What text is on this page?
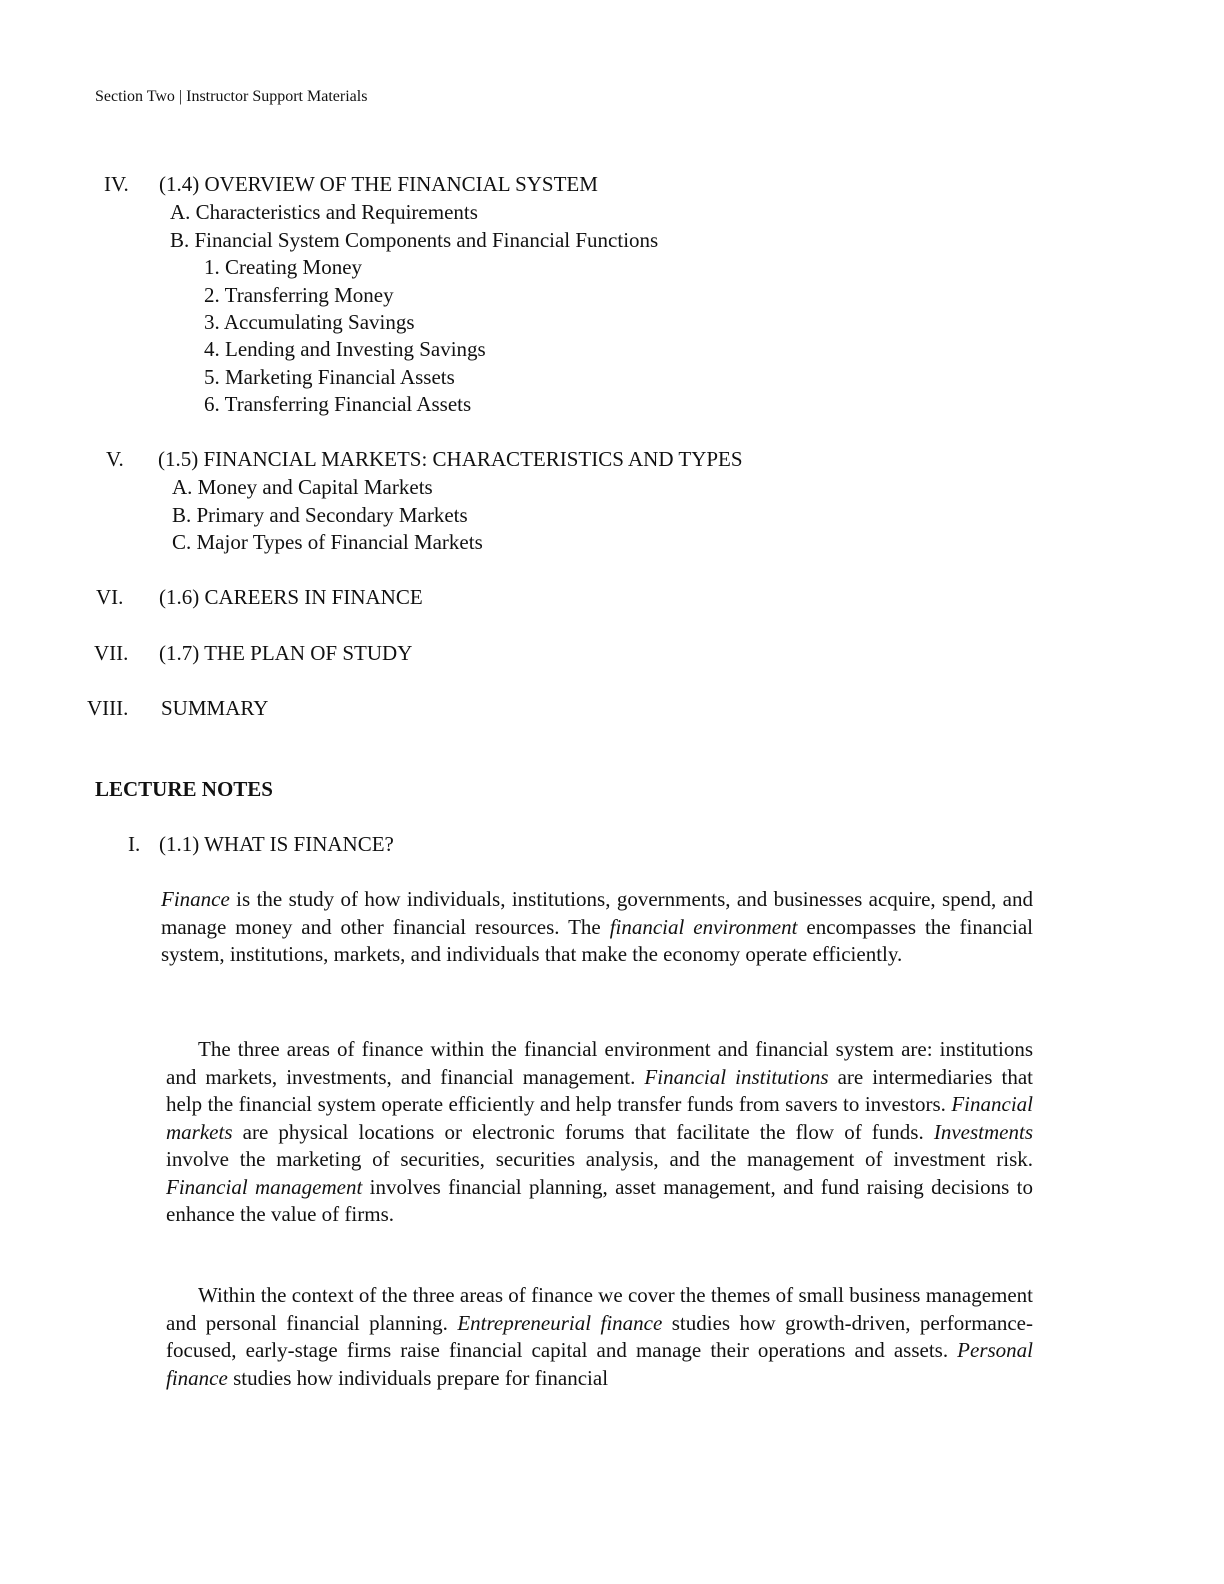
Section Two | Instructor Support Materials
IV. (1.4) OVERVIEW OF THE FINANCIAL SYSTEM
A. Characteristics and Requirements
B. Financial System Components and Financial Functions
1. Creating Money
2. Transferring Money
3. Accumulating Savings
4. Lending and Investing Savings
5. Marketing Financial Assets
6. Transferring Financial Assets
V. (1.5) FINANCIAL MARKETS: CHARACTERISTICS AND TYPES
A. Money and Capital Markets
B. Primary and Secondary Markets
C. Major Types of Financial Markets
VI. (1.6) CAREERS IN FINANCE
VII. (1.7) THE PLAN OF STUDY
VIII. SUMMARY
LECTURE NOTES
I. (1.1) WHAT IS FINANCE?
Finance is the study of how individuals, institutions, governments, and businesses acquire, spend, and manage money and other financial resources. The financial environment encompasses the financial system, institutions, markets, and individuals that make the economy operate efficiently.
The three areas of finance within the financial environment and financial system are: institutions and markets, investments, and financial management. Financial institutions are intermediaries that help the financial system operate efficiently and help transfer funds from savers to investors. Financial markets are physical locations or electronic forums that facilitate the flow of funds. Investments involve the marketing of securities, securities analysis, and the management of investment risk. Financial management involves financial planning, asset management, and fund raising decisions to enhance the value of firms.
Within the context of the three areas of finance we cover the themes of small business management and personal financial planning. Entrepreneurial finance studies how growth-driven, performance-focused, early-stage firms raise financial capital and manage their operations and assets. Personal finance studies how individuals prepare for financial
